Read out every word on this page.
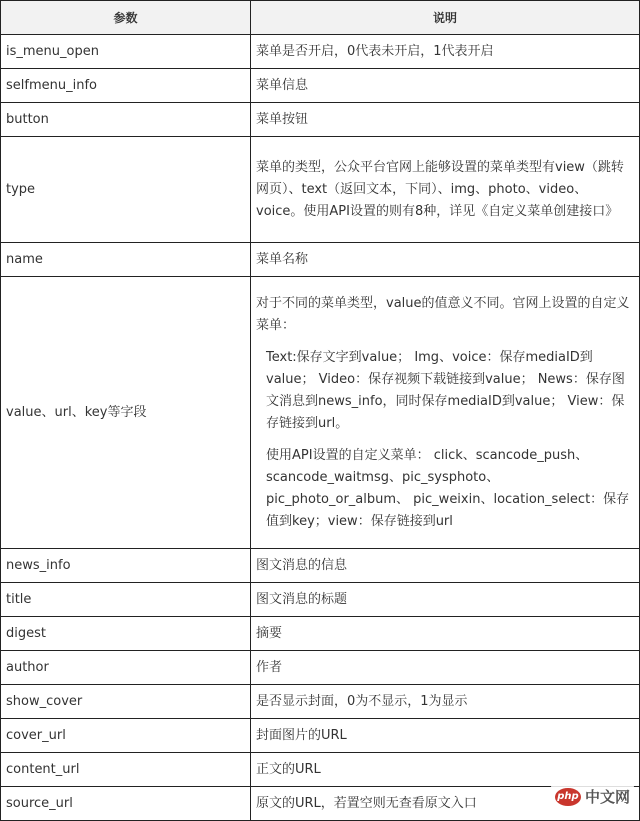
参数	说明
is_menu_open	菜单是否开启，0代表未开启，1代表开启
selfmenu_info	菜单信息
button	菜单按钮
type	菜单的类型，公众平台官网上能够设置的菜单类型有view（跳转网页）、text（返回文本，下同）、img、photo、video、voice。使用API设置的则有8种，详见《自定义菜单创建接口》
name	菜单名称
value、url、key等字段	对于不同的菜单类型，value的值意义不同。官网上设置的自定义菜单：
Text:保存文字到value； Img、voice：保存mediaID到value； Video：保存视频下载链接到value； News：保存图文消息到news_info，同时保存mediaID到value； View：保存链接到url。
使用API设置的自定义菜单： click、scancode_push、scancode_waitmsg、pic_sysphoto、pic_photo_or_album、 pic_weixin、location_select：保存值到key；view：保存链接到url

news_info	图文消息的信息
title	图文消息的标题
digest	摘要
author	作者
show_cover	是否显示封面，0为不显示，1为显示
cover_url	封面图片的URL
content_url	正文的URL
source_url	原文的URL，若置空则无查看原文入口	php 中文网
